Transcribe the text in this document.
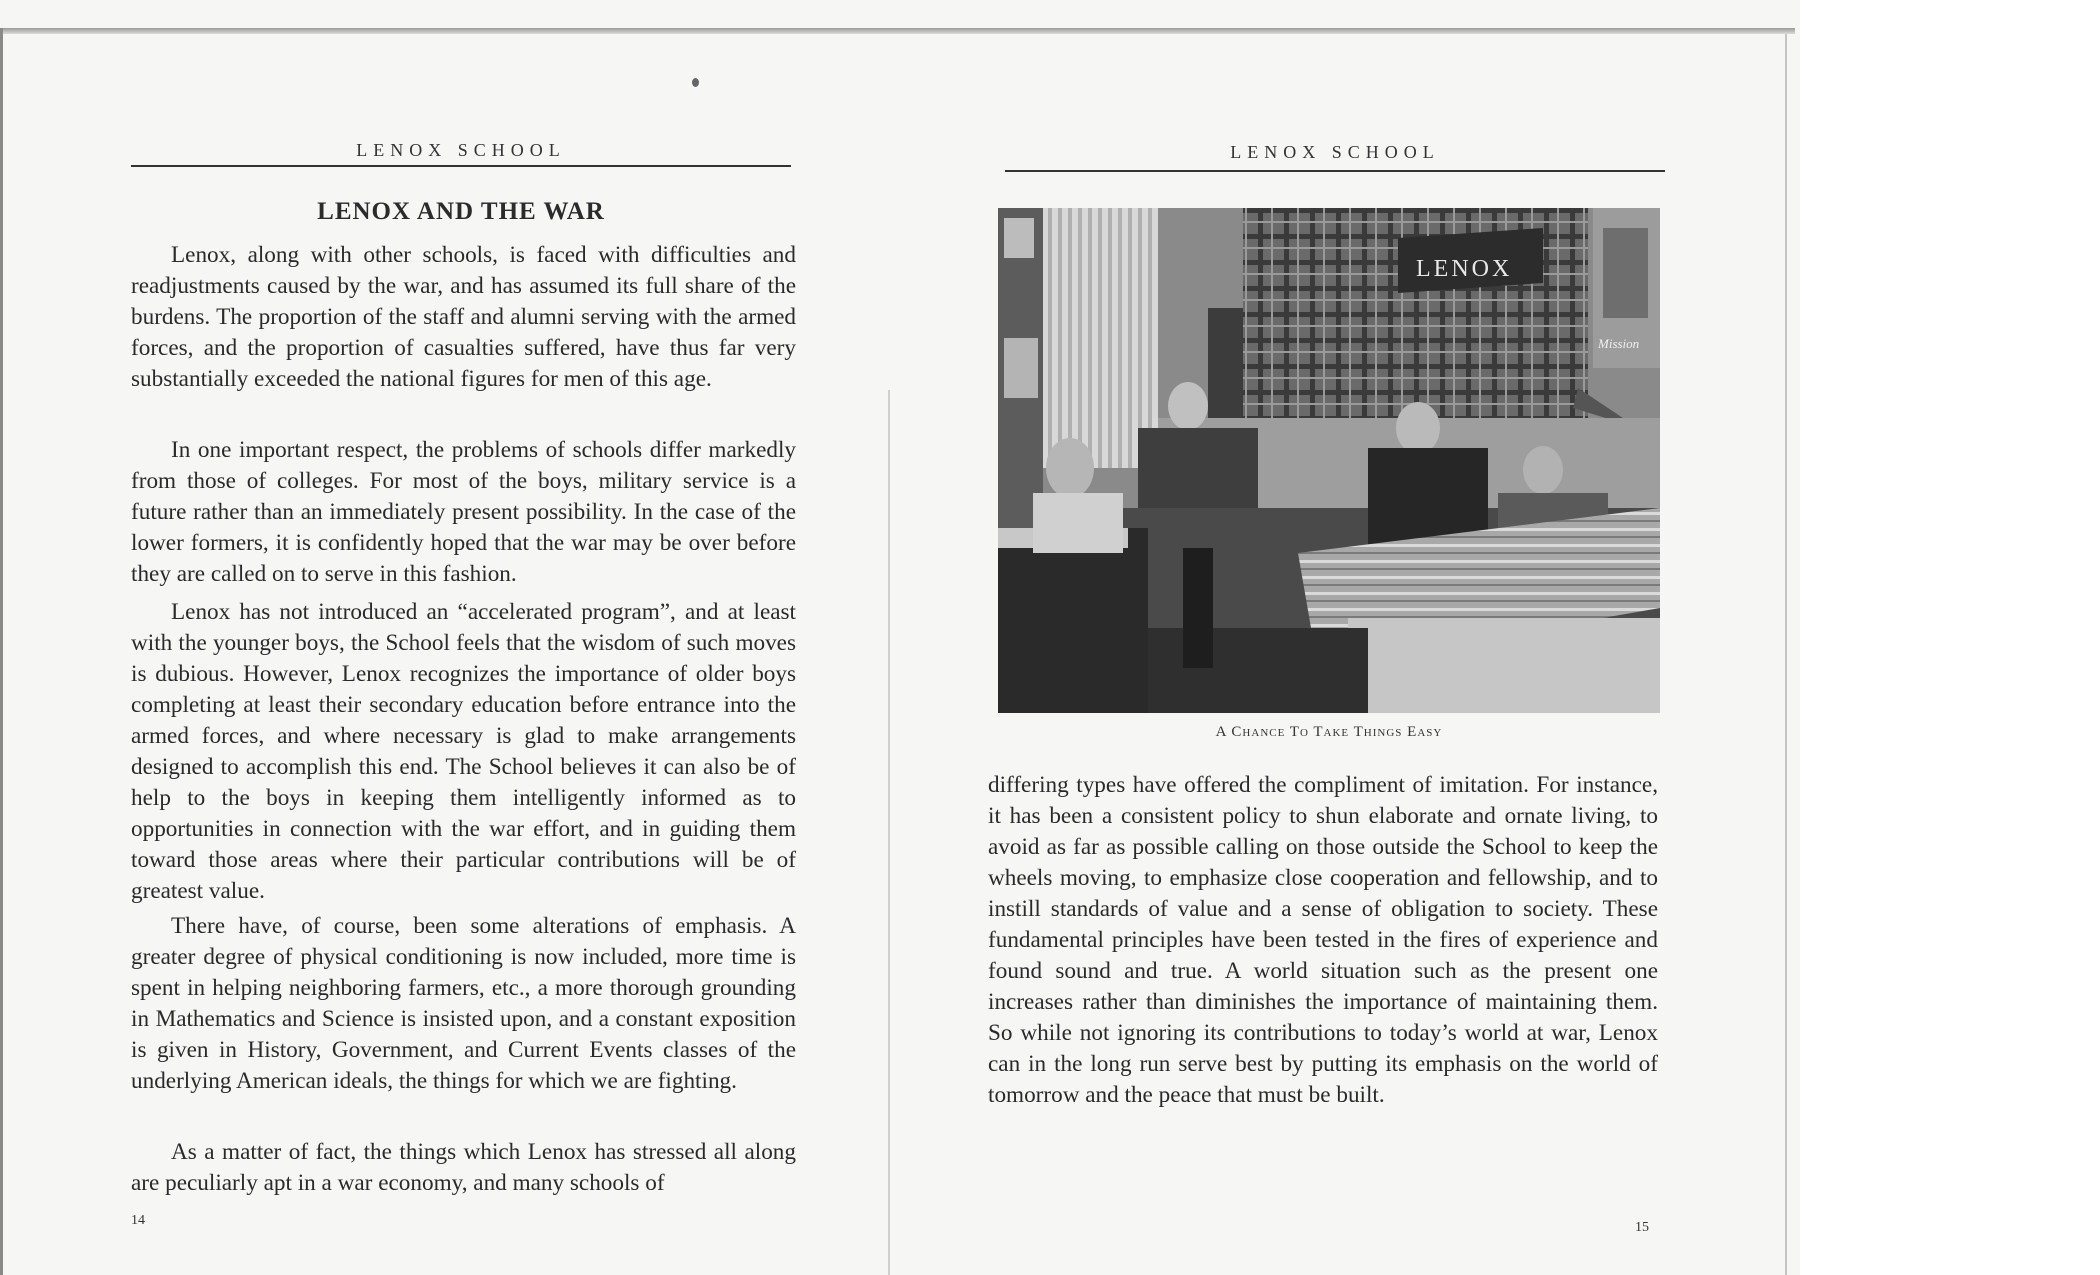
LENOX SCHOOL
LENOX AND THE WAR

Lenox, along with other schools, is faced with difficulties and readjustments caused by the war, and has assumed its full share of the burdens. The proportion of the staff and alumni serving with the armed forces, and the proportion of casualties suffered, have thus far very substantially exceeded the national figures for men of this age.

In one important respect, the problems of schools differ markedly from those of colleges. For most of the boys, military service is a future rather than an immediately present possibility. In the case of the lower formers, it is confidently hoped that the war may be over before they are called on to serve in this fashion.

Lenox has not introduced an “accelerated program”, and at least with the younger boys, the School feels that the wisdom of such moves is dubious. However, Lenox recognizes the importance of older boys completing at least their secondary education before entrance into the armed forces, and where necessary is glad to make arrangements designed to accomplish this end. The School believes it can also be of help to the boys in keeping them intelligently informed as to opportunities in connection with the war effort, and in guiding them toward those areas where their particular contributions will be of greatest value.

There have, of course, been some alterations of emphasis. A greater degree of physical conditioning is now included, more time is spent in helping neighboring farmers, etc., a more thorough grounding in Mathematics and Science is insisted upon, and a constant exposition is given in History, Government, and Current Events classes of the underlying American ideals, the things for which we are fighting.

As a matter of fact, the things which Lenox has stressed all along are peculiarly apt in a war economy, and many schools of

14
LENOX SCHOOL
LENOX
Mission
A Chance To Take Things Easy

differing types have offered the compliment of imitation. For instance, it has been a consistent policy to shun elaborate and ornate living, to avoid as far as possible calling on those outside the School to keep the wheels moving, to emphasize close cooperation and fellowship, and to instill standards of value and a sense of obligation to society. These fundamental principles have been tested in the fires of experience and found sound and true. A world situation such as the present one increases rather than diminishes the importance of maintaining them. So while not ignoring its contributions to today’s world at war, Lenox can in the long run serve best by putting its emphasis on the world of tomorrow and the peace that must be built.

15
